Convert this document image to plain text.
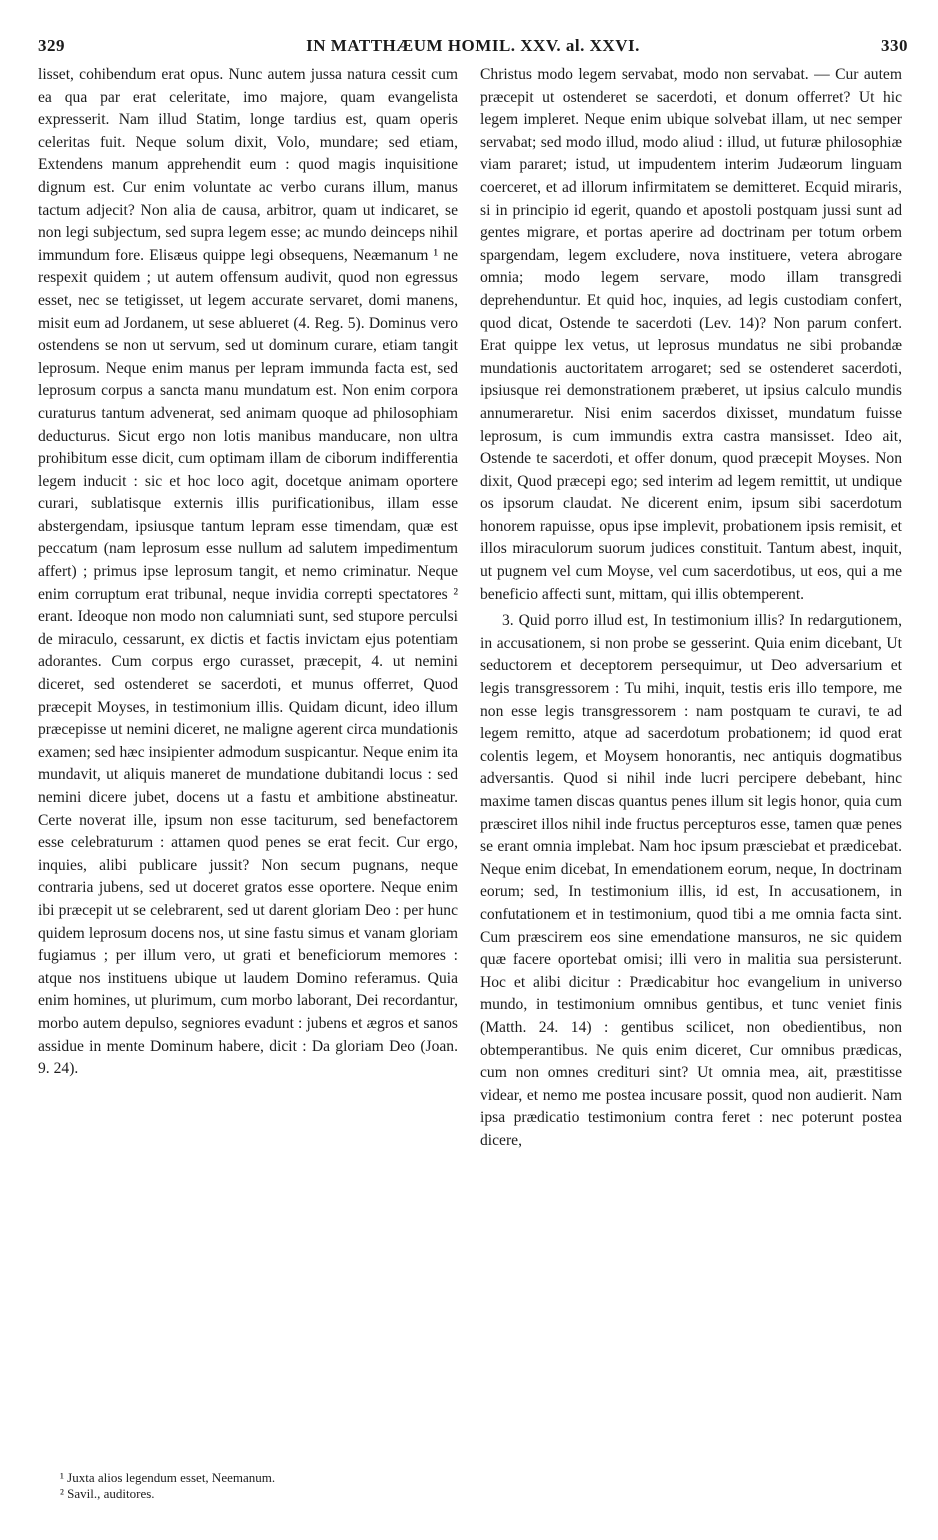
329	IN MATTHÆUM HOMIL. XXV. al. XXVI.	330

lisset, cohibendum erat opus. Nunc autem jussa natura cessit cum ea qua par erat celeritate, imo majore, quam evangelista expresserit. Nam illud Statim, longe tardius est, quam operis celeritas fuit. Neque solum dixit, Volo, mundare; sed etiam, Extendens manum apprehendit eum : quod magis inquisitione dignum est. Cur enim voluntate ac verbo curans illum, manus tactum adjecit? Non alia de causa, arbitror, quam ut indicaret, se non legi subjectum, sed supra legem esse; ac mundo deinceps nihil immundum fore. Elisæus quippe legi obsequens, Neæmanum ¹ ne respexit quidem ; ut autem offensum audivit, quod non egressus esset, nec se tetigisset, ut legem accurate servaret, domi manens, misit eum ad Jordanem, ut sese ablueret (4. Reg. 5). Dominus vero ostendens se non ut servum, sed ut dominum curare, etiam tangit leprosum. Neque enim manus per lepram immunda facta est, sed leprosum corpus a sancta manu mundatum est. Non enim corpora curaturus tantum advenerat, sed animam quoque ad philosophiam deducturus. Sicut ergo non lotis manibus manducare, non ultra prohibitum esse dicit, cum optimam illam de ciborum indifferentia legem inducit : sic et hoc loco agit, docetque animam oportere curari, sublatisque externis illis purificationibus, illam esse abstergendam, ipsiusque tantum lepram esse timendam, quæ est peccatum (nam leprosum esse nullum ad salutem impedimentum affert) ; primus ipse leprosum tangit, et nemo criminatur. Neque enim corruptum erat tribunal, neque invidia correpti spectatores ² erant. Ideoque non modo non calumniati sunt, sed stupore perculsi de miraculo, cessarunt, ex dictis et factis invictam ejus potentiam adorantes. Cum corpus ergo curasset, præcepit, 4. ut nemini diceret, sed ostenderet se sacerdoti, et munus offerret, Quod præcepit Moyses, in testimonium illis. Quidam dicunt, ideo illum præcepisse ut nemini diceret, ne maligne agerent circa mundationis examen; sed hæc insipienter admodum suspicantur. Neque enim ita mundavit, ut aliquis maneret de mundatione dubitandi locus : sed nemini dicere jubet, docens ut a fastu et ambitione abstineatur. Certe noverat ille, ipsum non esse taciturum, sed benefactorem esse celebraturum : attamen quod penes se erat fecit. Cur ergo, inquies, alibi publicare jussit? Non secum pugnans, neque contraria jubens, sed ut doceret gratos esse oportere. Neque enim ibi præcepit ut se celebrarent, sed ut darent gloriam Deo : per hunc quidem leprosum docens nos, ut sine fastu simus et vanam gloriam fugiamus ; per illum vero, ut grati et beneficiorum memores : atque nos instituens ubique ut laudem Domino referamus. Quia enim homines, ut plurimum, cum morbo laborant, Dei recordantur, morbo autem depulso, segniores evadunt : jubens et ægros et sanos assidue in mente Dominum habere, dicit : Da gloriam Deo (Joan. 9. 24).

Christus modo legem servabat, modo non servabat. — Cur autem præcepit ut ostenderet se sacerdoti, et donum offerret? Ut hic legem impleret. Neque enim ubique solvebat illam, ut nec semper servabat; sed modo illud, modo aliud : illud, ut futuræ philosophiæ viam pararet; istud, ut impudentem interim Judæorum linguam coerceret, et ad illorum infirmitatem se demitteret. Ecquid miraris, si in principio id egerit, quando et apostoli postquam jussi sunt ad gentes migrare, et portas aperire ad doctrinam per totum orbem spargendam, legem excludere, nova instituere, vetera abrogare omnia; modo legem servare, modo illam transgredi deprehenduntur. Et quid hoc, inquies, ad legis custodiam confert, quod dicat, Ostende te sacerdoti (Lev. 14)? Non parum confert. Erat quippe lex vetus, ut leprosus mundatus ne sibi probandæ mundationis auctoritatem arrogaret; sed se ostenderet sacerdoti, ipsiusque rei demonstrationem præberet, ut ipsius calculo mundis annumeraretur. Nisi enim sacerdos dixisset, mundatum fuisse leprosum, is cum immundis extra castra mansisset. Ideo ait, Ostende te sacerdoti, et offer donum, quod præcepit Moyses. Non dixit, Quod præcepi ego; sed interim ad legem remittit, ut undique os ipsorum claudat. Ne dicerent enim, ipsum sibi sacerdotum honorem rapuisse, opus ipse implevit, probationem ipsis remisit, et illos miraculorum suorum judices constituit. Tantum abest, inquit, ut pugnem vel cum Moyse, vel cum sacerdotibus, ut eos, qui a me beneficio affecti sunt, mittam, qui illis obtemperent.

3. Quid porro illud est, In testimonium illis? In redargutionem, in accusationem, si non probe se gesserint. Quia enim dicebant, Ut seductorem et deceptorem persequimur, ut Deo adversarium et legis transgressorem : Tu mihi, inquit, testis eris illo tempore, me non esse legis transgressorem : nam postquam te curavi, te ad legem remitto, atque ad sacerdotum probationem; id quod erat colentis legem, et Moysem honorantis, nec antiquis dogmatibus adversantis. Quod si nihil inde lucri percipere debebant, hinc maxime tamen discas quantus penes illum sit legis honor, quia cum præsciret illos nihil inde fructus percepturos esse, tamen quæ penes se erant omnia implebat. Nam hoc ipsum præsciebat et prædicebat. Neque enim dicebat, In emendationem eorum, neque, In doctrinam eorum; sed, In testimonium illis, id est, In accusationem, in confutationem et in testimonium, quod tibi a me omnia facta sint. Cum præscirem eos sine emendatione mansuros, ne sic quidem quæ facere oportebat omisi; illi vero in malitia sua persisterunt. Hoc et alibi dicitur : Prædicabitur hoc evangelium in universo mundo, in testimonium omnibus gentibus, et tunc veniet finis (Matth. 24. 14) : gentibus scilicet, non obedientibus, non obtemperantibus. Ne quis enim diceret, Cur omnibus prædicas, cum non omnes credituri sint? Ut omnia mea, ait, præstitisse videar, et nemo me postea incusare possit, quod non audierit. Nam ipsa prædicatio testimonium contra feret : nec poterunt postea dicere,

¹ Juxta alios legendum esset, Neemanum.
² Savil., auditores.
